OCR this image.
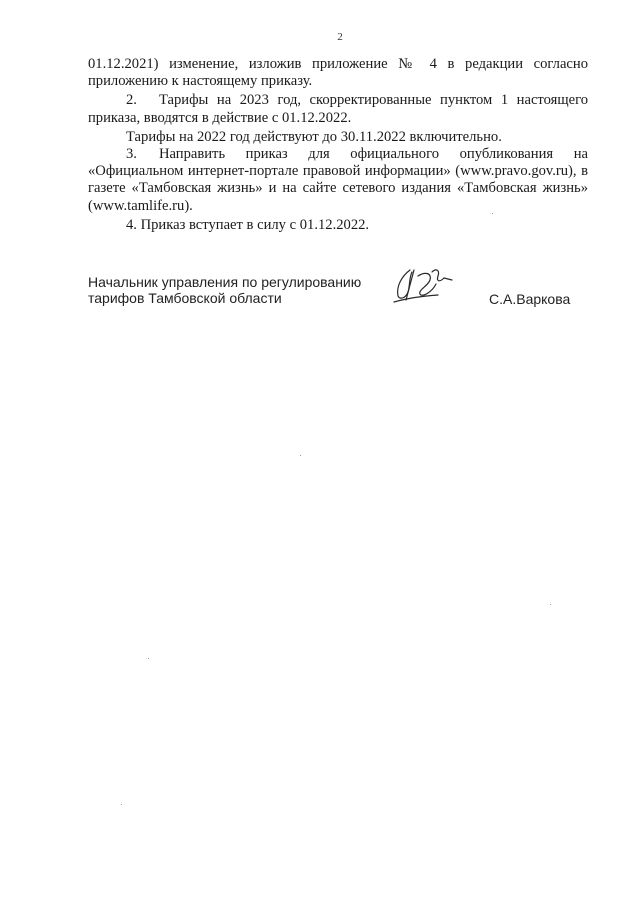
2

01.12.2021) изменение, изложив приложение № 4 в редакции согласно приложению к настоящему приказу.

2. Тарифы на 2023 год, скорректированные пунктом 1 настоящего приказа, вводятся в действие с 01.12.2022.

Тарифы на 2022 год действуют до 30.11.2022 включительно.

3. Направить приказ для официального опубликования на «Официальном интернет-портале правовой информации» (www.pravo.gov.ru), в газете «Тамбовская жизнь» и на сайте сетевого издания «Тамбовская жизнь» (www.tamlife.ru).

4. Приказ вступает в силу с 01.12.2022.

Начальник управления по регулированию
тарифов Тамбовской области	С.А.Варкова
